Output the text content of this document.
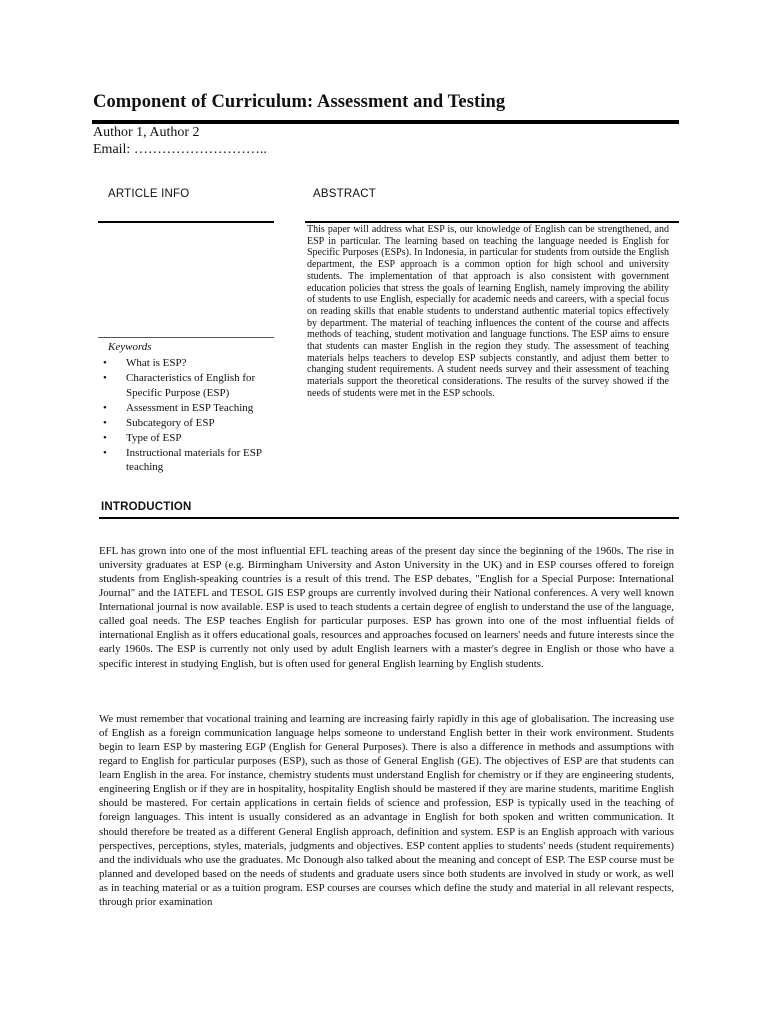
Component of Curriculum: Assessment and Testing
Author 1, Author 2
Email: ………………………..
ARTICLE INFO	ABSTRACT
This paper will address what ESP is, our knowledge of English can be strengthened, and ESP in particular. The learning based on teaching the language needed is English for Specific Purposes (ESPs). In Indonesia, in particular for students from outside the English department, the ESP approach is a common option for high school and university students. The implementation of that approach is also consistent with government education policies that stress the goals of learning English, namely improving the ability of students to use English, especially for academic needs and careers, with a special focus on reading skills that enable students to understand authentic material topics effectively by department. The material of teaching influences the content of the course and affects methods of teaching, student motivation and language functions. The ESP aims to ensure that students can master English in the region they study. The assessment of teaching materials helps teachers to develop ESP subjects constantly, and adjust them better to changing student requirements. A student needs survey and their assessment of teaching materials support the theoretical considerations. The results of the survey showed if the needs of students were met in the ESP schools.
Keywords
• What is ESP?
• Characteristics of English for Specific Purpose (ESP)
• Assessment in ESP Teaching
• Subcategory of ESP
• Type of ESP
• Instructional materials for ESP teaching
INTRODUCTION

EFL has grown into one of the most influential EFL teaching areas of the present day since the beginning of the 1960s. The rise in university graduates at ESP (e.g. Birmingham University and Aston University in the UK) and in ESP courses offered to foreign students from English-speaking countries is a result of this trend. The ESP debates, "English for a Special Purpose: International Journal" and the IATEFL and TESOL GIS ESP groups are currently involved during their National conferences. A very well known International journal is now available. ESP is used to teach students a certain degree of english to understand the use of the language, called goal needs. The ESP teaches English for particular purposes. ESP has grown into one of the most influential fields of international English as it offers educational goals, resources and approaches focused on learners' needs and future interests since the early 1960s. The ESP is currently not only used by adult English learners with a master's degree in English or those who have a specific interest in studying English, but is often used for general English learning by English students.

We must remember that vocational training and learning are increasing fairly rapidly in this age of globalisation. The increasing use of English as a foreign communication language helps someone to understand English better in their work environment. Students begin to learn ESP by mastering EGP (English for General Purposes). There is also a difference in methods and assumptions with regard to English for particular purposes (ESP), such as those of General English (GE). The objectives of ESP are that students can learn English in the area. For instance, chemistry students must understand English for chemistry or if they are engineering students, engineering English or if they are in hospitality, hospitality English should be mastered if they are marine students, maritime English should be mastered. For certain applications in certain fields of science and profession, ESP is typically used in the teaching of foreign languages. This intent is usually considered as an advantage in English for both spoken and written communication. It should therefore be treated as a different General English approach, definition and system. ESP is an English approach with various perspectives, perceptions, styles, materials, judgments and objectives. ESP content applies to students' needs (student requirements) and the individuals who use the graduates. Mc Donough also talked about the meaning and concept of ESP. The ESP course must be planned and developed based on the needs of students and graduate users since both students are involved in study or work, as well as in teaching material or as a tuition program. ESP courses are courses which define the study and material in all relevant respects, through prior examination
